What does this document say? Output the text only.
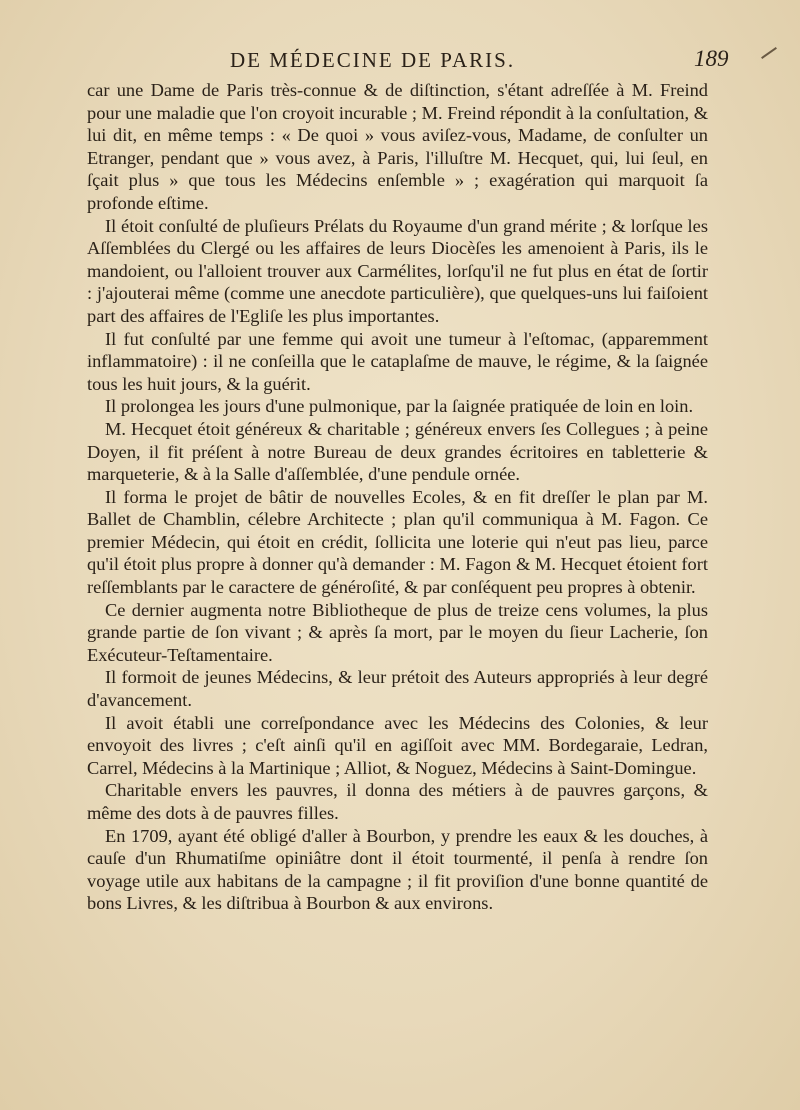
DE MÉDECINE DE PARIS.	189

car une Dame de Paris très-connue & de diſtinction, s'étant adreſſée à M. Freind pour une maladie que l'on croyoit incurable ; M. Freind répondit à la conſultation, & lui dit, en même temps : « De quoi » vous aviſez-vous, Madame, de conſulter un Etranger, pendant que » vous avez, à Paris, l'illuſtre M. Hecquet, qui, lui ſeul, en ſçait plus » que tous les Médecins enſemble » ; exagération qui marquoit ſa profonde eſtime.

Il étoit conſulté de pluſieurs Prélats du Royaume d'un grand mérite ; & lorſque les Aſſemblées du Clergé ou les affaires de leurs Diocèſes les amenoient à Paris, ils le mandoient, ou l'alloient trouver aux Carmélites, lorſqu'il ne fut plus en état de ſortir : j'ajouterai même (comme une anecdote particulière), que quelques-uns lui faiſoient part des affaires de l'Egliſe les plus importantes.

Il fut conſulté par une femme qui avoit une tumeur à l'eſtomac, (apparemment inflammatoire) : il ne conſeilla que le cataplaſme de mauve, le régime, & la ſaignée tous les huit jours, & la guérit.

Il prolongea les jours d'une pulmonique, par la ſaignée pratiquée de loin en loin.

M. Hecquet étoit généreux & charitable ; généreux envers ſes Collegues ; à peine Doyen, il fit préſent à notre Bureau de deux grandes écritoires en tabletterie & marqueterie, & à la Salle d'aſſemblée, d'une pendule ornée.

Il forma le projet de bâtir de nouvelles Ecoles, & en fit dreſſer le plan par M. Ballet de Chamblin, célebre Architecte ; plan qu'il communiqua à M. Fagon. Ce premier Médecin, qui étoit en crédit, ſollicita une loterie qui n'eut pas lieu, parce qu'il étoit plus propre à donner qu'à demander : M. Fagon & M. Hecquet étoient fort reſſemblants par le caractere de généroſité, & par conſéquent peu propres à obtenir.

Ce dernier augmenta notre Bibliotheque de plus de treize cens volumes, la plus grande partie de ſon vivant ; & après ſa mort, par le moyen du ſieur Lacherie, ſon Exécuteur-Teſtamentaire.

Il formoit de jeunes Médecins, & leur prétoit des Auteurs appropriés à leur degré d'avancement.

Il avoit établi une correſpondance avec les Médecins des Colonies, & leur envoyoit des livres ; c'eſt ainſi qu'il en agiſſoit avec MM. Bordegaraie, Ledran, Carrel, Médecins à la Martinique ; Alliot, & Noguez, Médecins à Saint-Domingue.

Charitable envers les pauvres, il donna des métiers à de pauvres garçons, & même des dots à de pauvres filles.

En 1709, ayant été obligé d'aller à Bourbon, y prendre les eaux & les douches, à cauſe d'un Rhumatiſme opiniâtre dont il étoit tourmenté, il penſa à rendre ſon voyage utile aux habitans de la campagne ; il fit proviſion d'une bonne quantité de bons Livres, & les diſtribua à Bourbon & aux environs.
